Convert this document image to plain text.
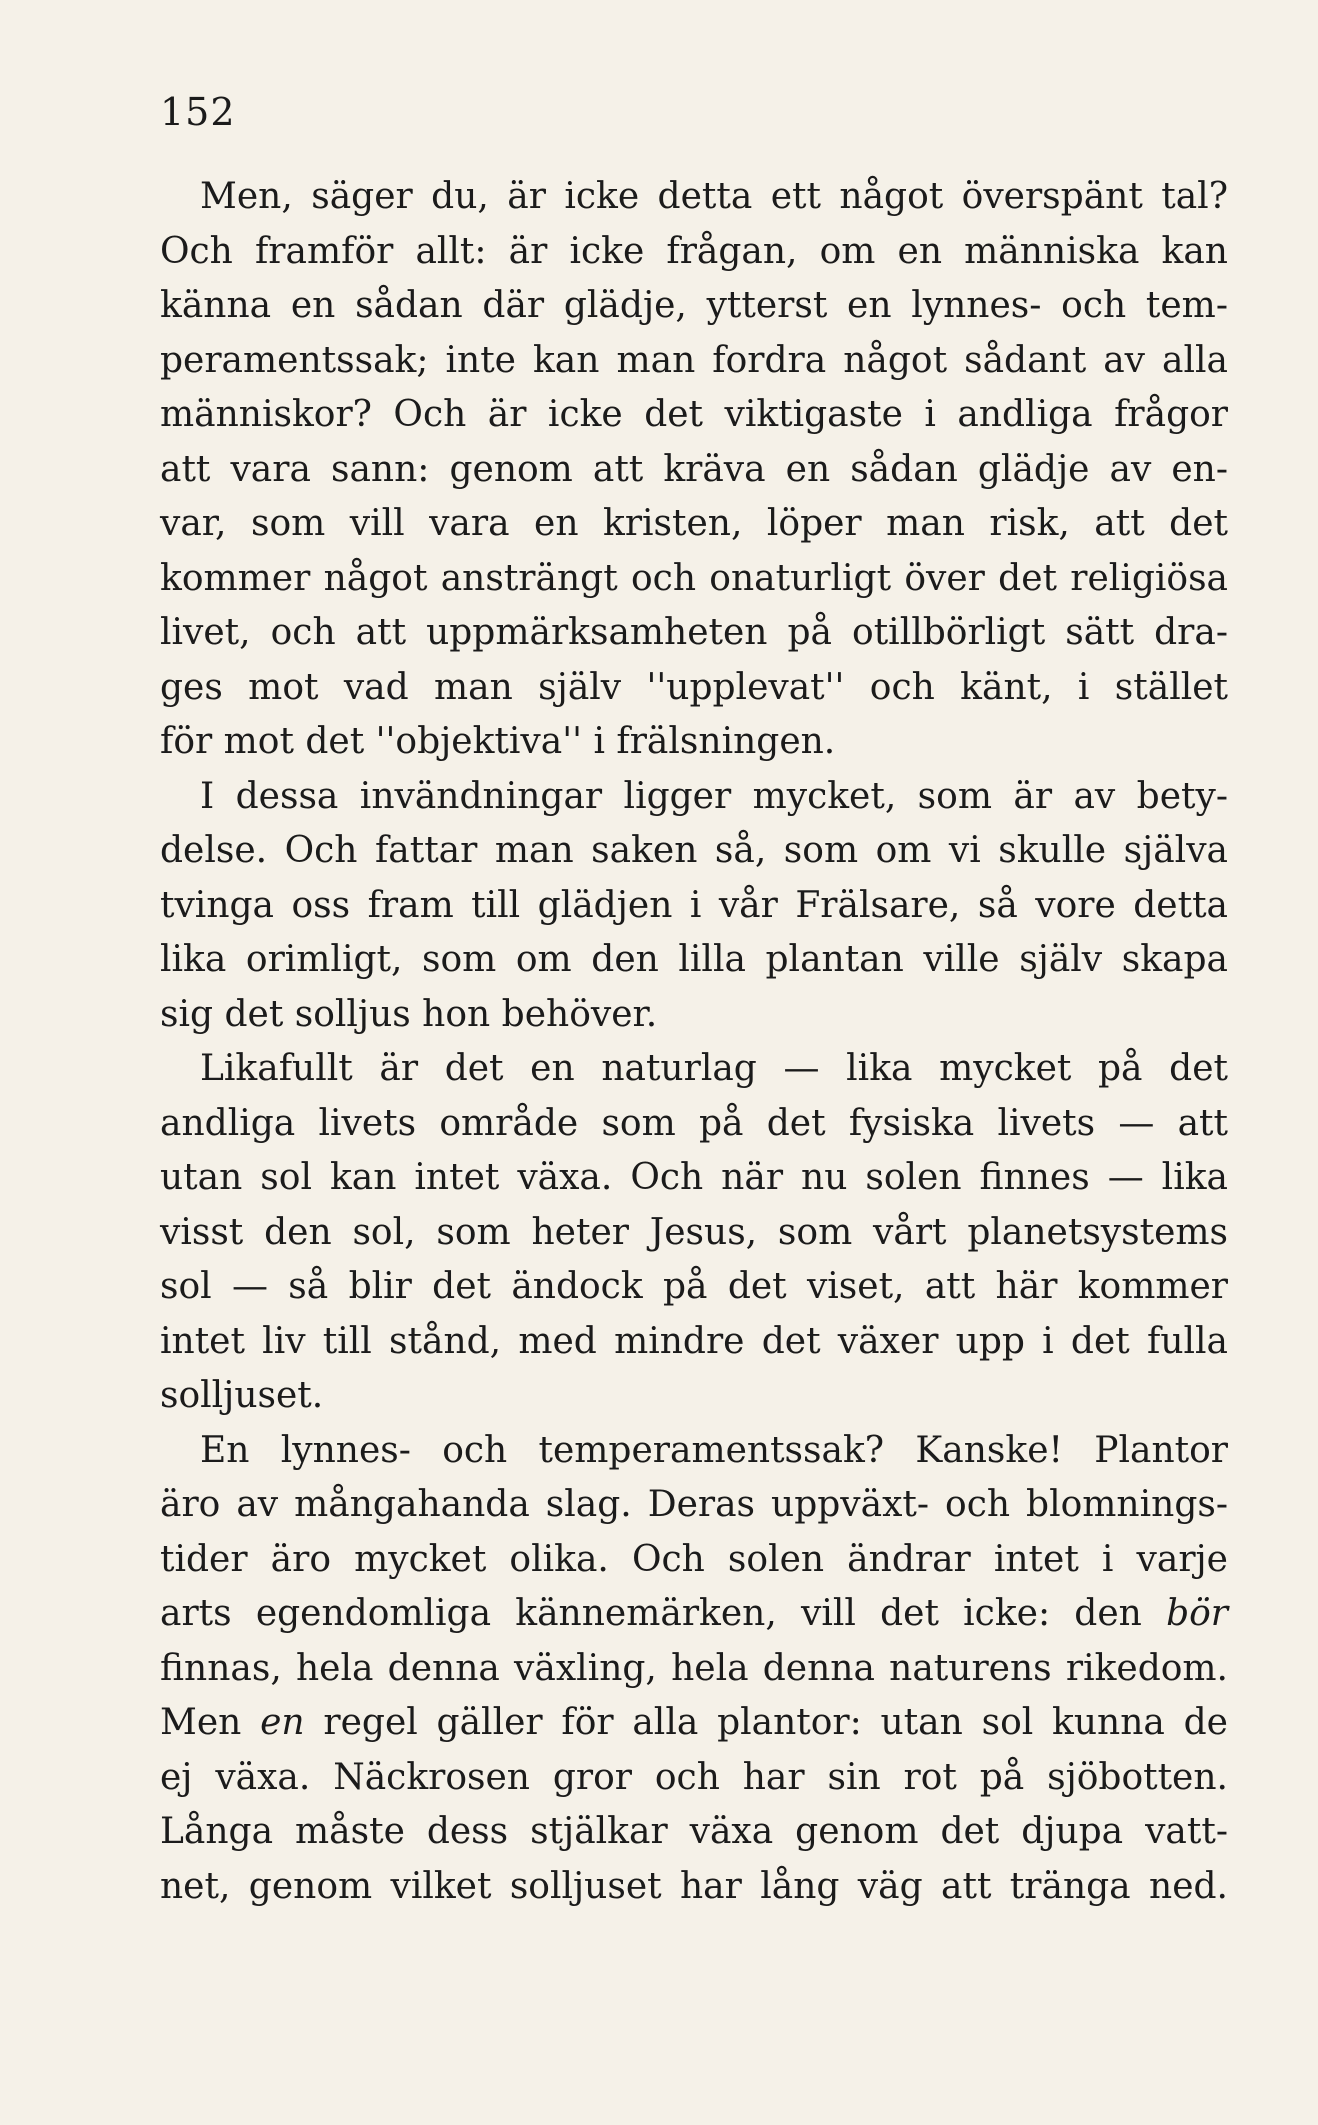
152
Men, säger du, är icke detta ett något överspänt tal?
Och framför allt: är icke frågan, om en människa kan
känna en sådan där glädje, ytterst en lynnes- och tem-
peramentssak; inte kan man fordra något sådant av alla
människor? Och är icke det viktigaste i andliga frågor
att vara sann: genom att kräva en sådan glädje av en-
var, som vill vara en kristen, löper man risk, att det
kommer något ansträngt och onaturligt över det religiösa
livet, och att uppmärksamheten på otillbörligt sätt dra-
ges mot vad man själv ''upplevat'' och känt, i stället
för mot det ''objektiva'' i frälsningen.
I dessa invändningar ligger mycket, som är av bety-
delse. Och fattar man saken så, som om vi skulle själva
tvinga oss fram till glädjen i vår Frälsare, så vore detta
lika orimligt, som om den lilla plantan ville själv skapa
sig det solljus hon behöver.
Likafullt är det en naturlag — lika mycket på det
andliga livets område som på det fysiska livets — att
utan sol kan intet växa. Och när nu solen finnes — lika
visst den sol, som heter Jesus, som vårt planetsystems
sol — så blir det ändock på det viset, att här kommer
intet liv till stånd, med mindre det växer upp i det fulla
solljuset.
En lynnes- och temperamentssak? Kanske! Plantor
äro av mångahanda slag. Deras uppväxt- och blomnings-
tider äro mycket olika. Och solen ändrar intet i varje
arts egendomliga kännemärken, vill det icke: den bör
finnas, hela denna växling, hela denna naturens rikedom.
Men en regel gäller för alla plantor: utan sol kunna de
ej växa. Näckrosen gror och har sin rot på sjöbotten.
Långa måste dess stjälkar växa genom det djupa vatt-
net, genom vilket solljuset har lång väg att tränga ned.
